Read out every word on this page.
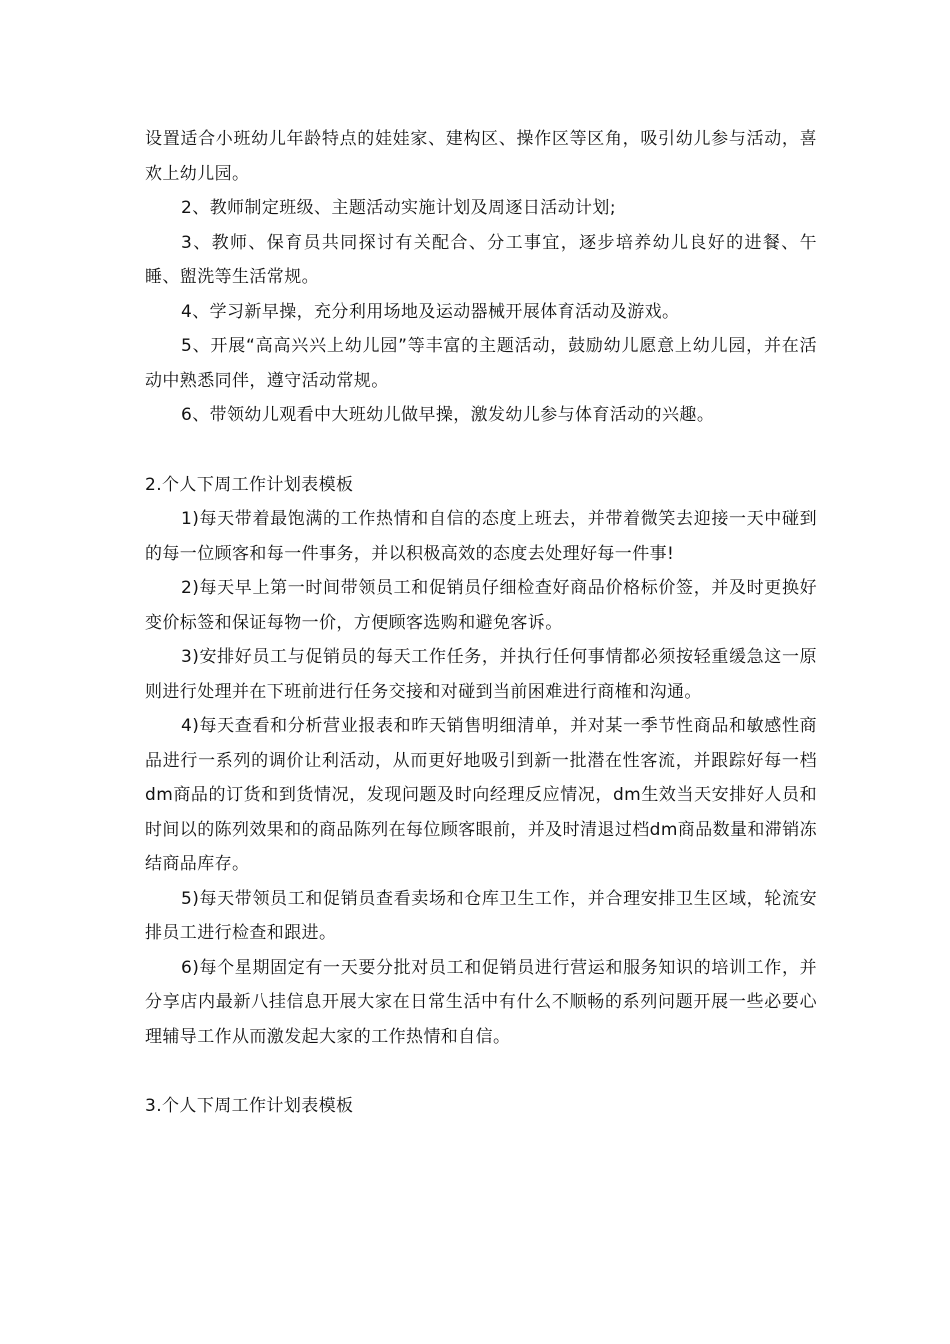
设置适合小班幼儿年龄特点的娃娃家、建构区、操作区等区角，吸引幼儿参与活动，喜欢上幼儿园。

2、教师制定班级、主题活动实施计划及周逐日活动计划;

3、教师、保育员共同探讨有关配合、分工事宜，逐步培养幼儿良好的进餐、午睡、盥洗等生活常规。

4、学习新早操，充分利用场地及运动器械开展体育活动及游戏。

5、开展“高高兴兴上幼儿园”等丰富的主题活动，鼓励幼儿愿意上幼儿园，并在活动中熟悉同伴，遵守活动常规。

6、带领幼儿观看中大班幼儿做早操，激发幼儿参与体育活动的兴趣。

2.个人下周工作计划表模板

1)每天带着最饱满的工作热情和自信的态度上班去，并带着微笑去迎接一天中碰到的每一位顾客和每一件事务，并以积极高效的态度去处理好每一件事!

2)每天早上第一时间带领员工和促销员仔细检查好商品价格标价签，并及时更换好变价标签和保证每物一价，方便顾客选购和避免客诉。

3)安排好员工与促销员的每天工作任务，并执行任何事情都必须按轻重缓急这一原则进行处理并在下班前进行任务交接和对碰到当前困难进行商榷和沟通。

4)每天查看和分析营业报表和昨天销售明细清单，并对某一季节性商品和敏感性商品进行一系列的调价让利活动，从而更好地吸引到新一批潜在性客流，并跟踪好每一档dm商品的订货和到货情况，发现问题及时向经理反应情况，dm生效当天安排好人员和时间以的陈列效果和的商品陈列在每位顾客眼前，并及时清退过档dm商品数量和滞销冻结商品库存。

5)每天带领员工和促销员查看卖场和仓库卫生工作，并合理安排卫生区域，轮流安排员工进行检查和跟进。

6)每个星期固定有一天要分批对员工和促销员进行营运和服务知识的培训工作，并分享店内最新八挂信息开展大家在日常生活中有什么不顺畅的系列问题开展一些必要心理辅导工作从而激发起大家的工作热情和自信。

3.个人下周工作计划表模板
